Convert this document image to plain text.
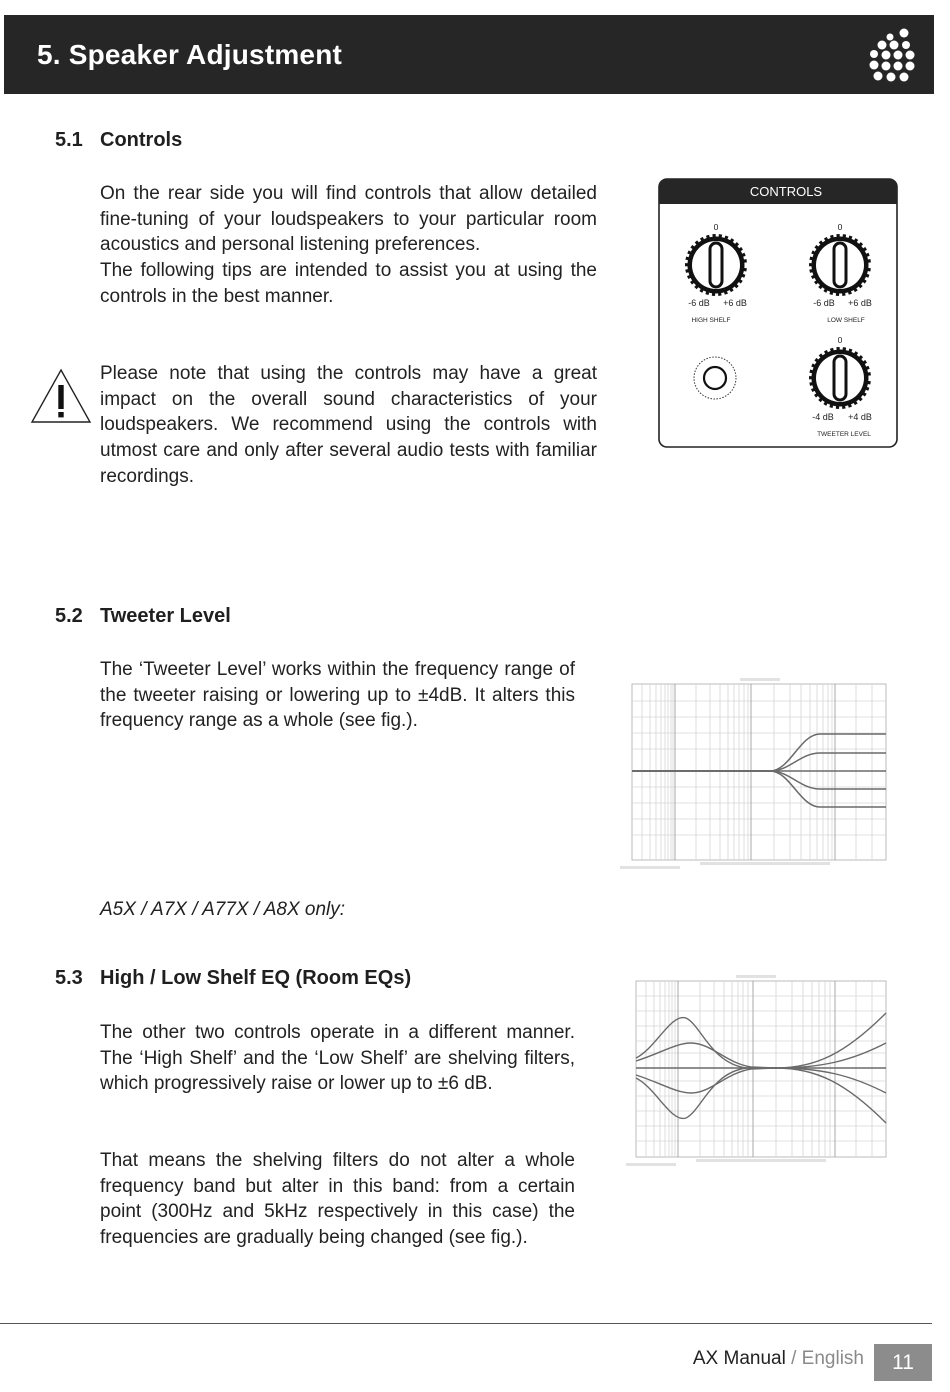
5. Speaker Adjustment
5.1 Controls

On the rear side you will find controls that allow detailed fine-tuning of your loudspeakers to your particular room acoustics and personal listening preferences.

The following tips are intended to assist you at using the controls in the best manner.

Please note that using the controls may have a great impact on the overall sound characteristics of your loudspeakers. We recommend using the controls with utmost care and only after several audio tests with familiar recordings.

CONTROLS
0
-6 dB +6 dB
HIGH SHELF
0
-6 dB +6 dB
LOW SHELF
0
-4 dB +4 dB
TWEETER LEVEL
5.2 Tweeter Level

The ‘Tweeter Level’ works within the frequency range of the tweeter raising or lowering up to ±4dB. It alters this frequency range as a whole (see fig.).

A5X / A7X / A77X / A8X only:
5.3 High / Low Shelf EQ (Room EQs)

The other two controls operate in a different manner. The ‘High Shelf’ and the ‘Low Shelf’ are shelving filters, which progressively raise or lower up to ±6 dB.

That means the shelving filters do not alter a whole frequency band but alter in this band: from a certain point (300Hz and 5kHz respectively in this case) the frequencies are gradually being changed (see fig.).

AX Manual / English	11
